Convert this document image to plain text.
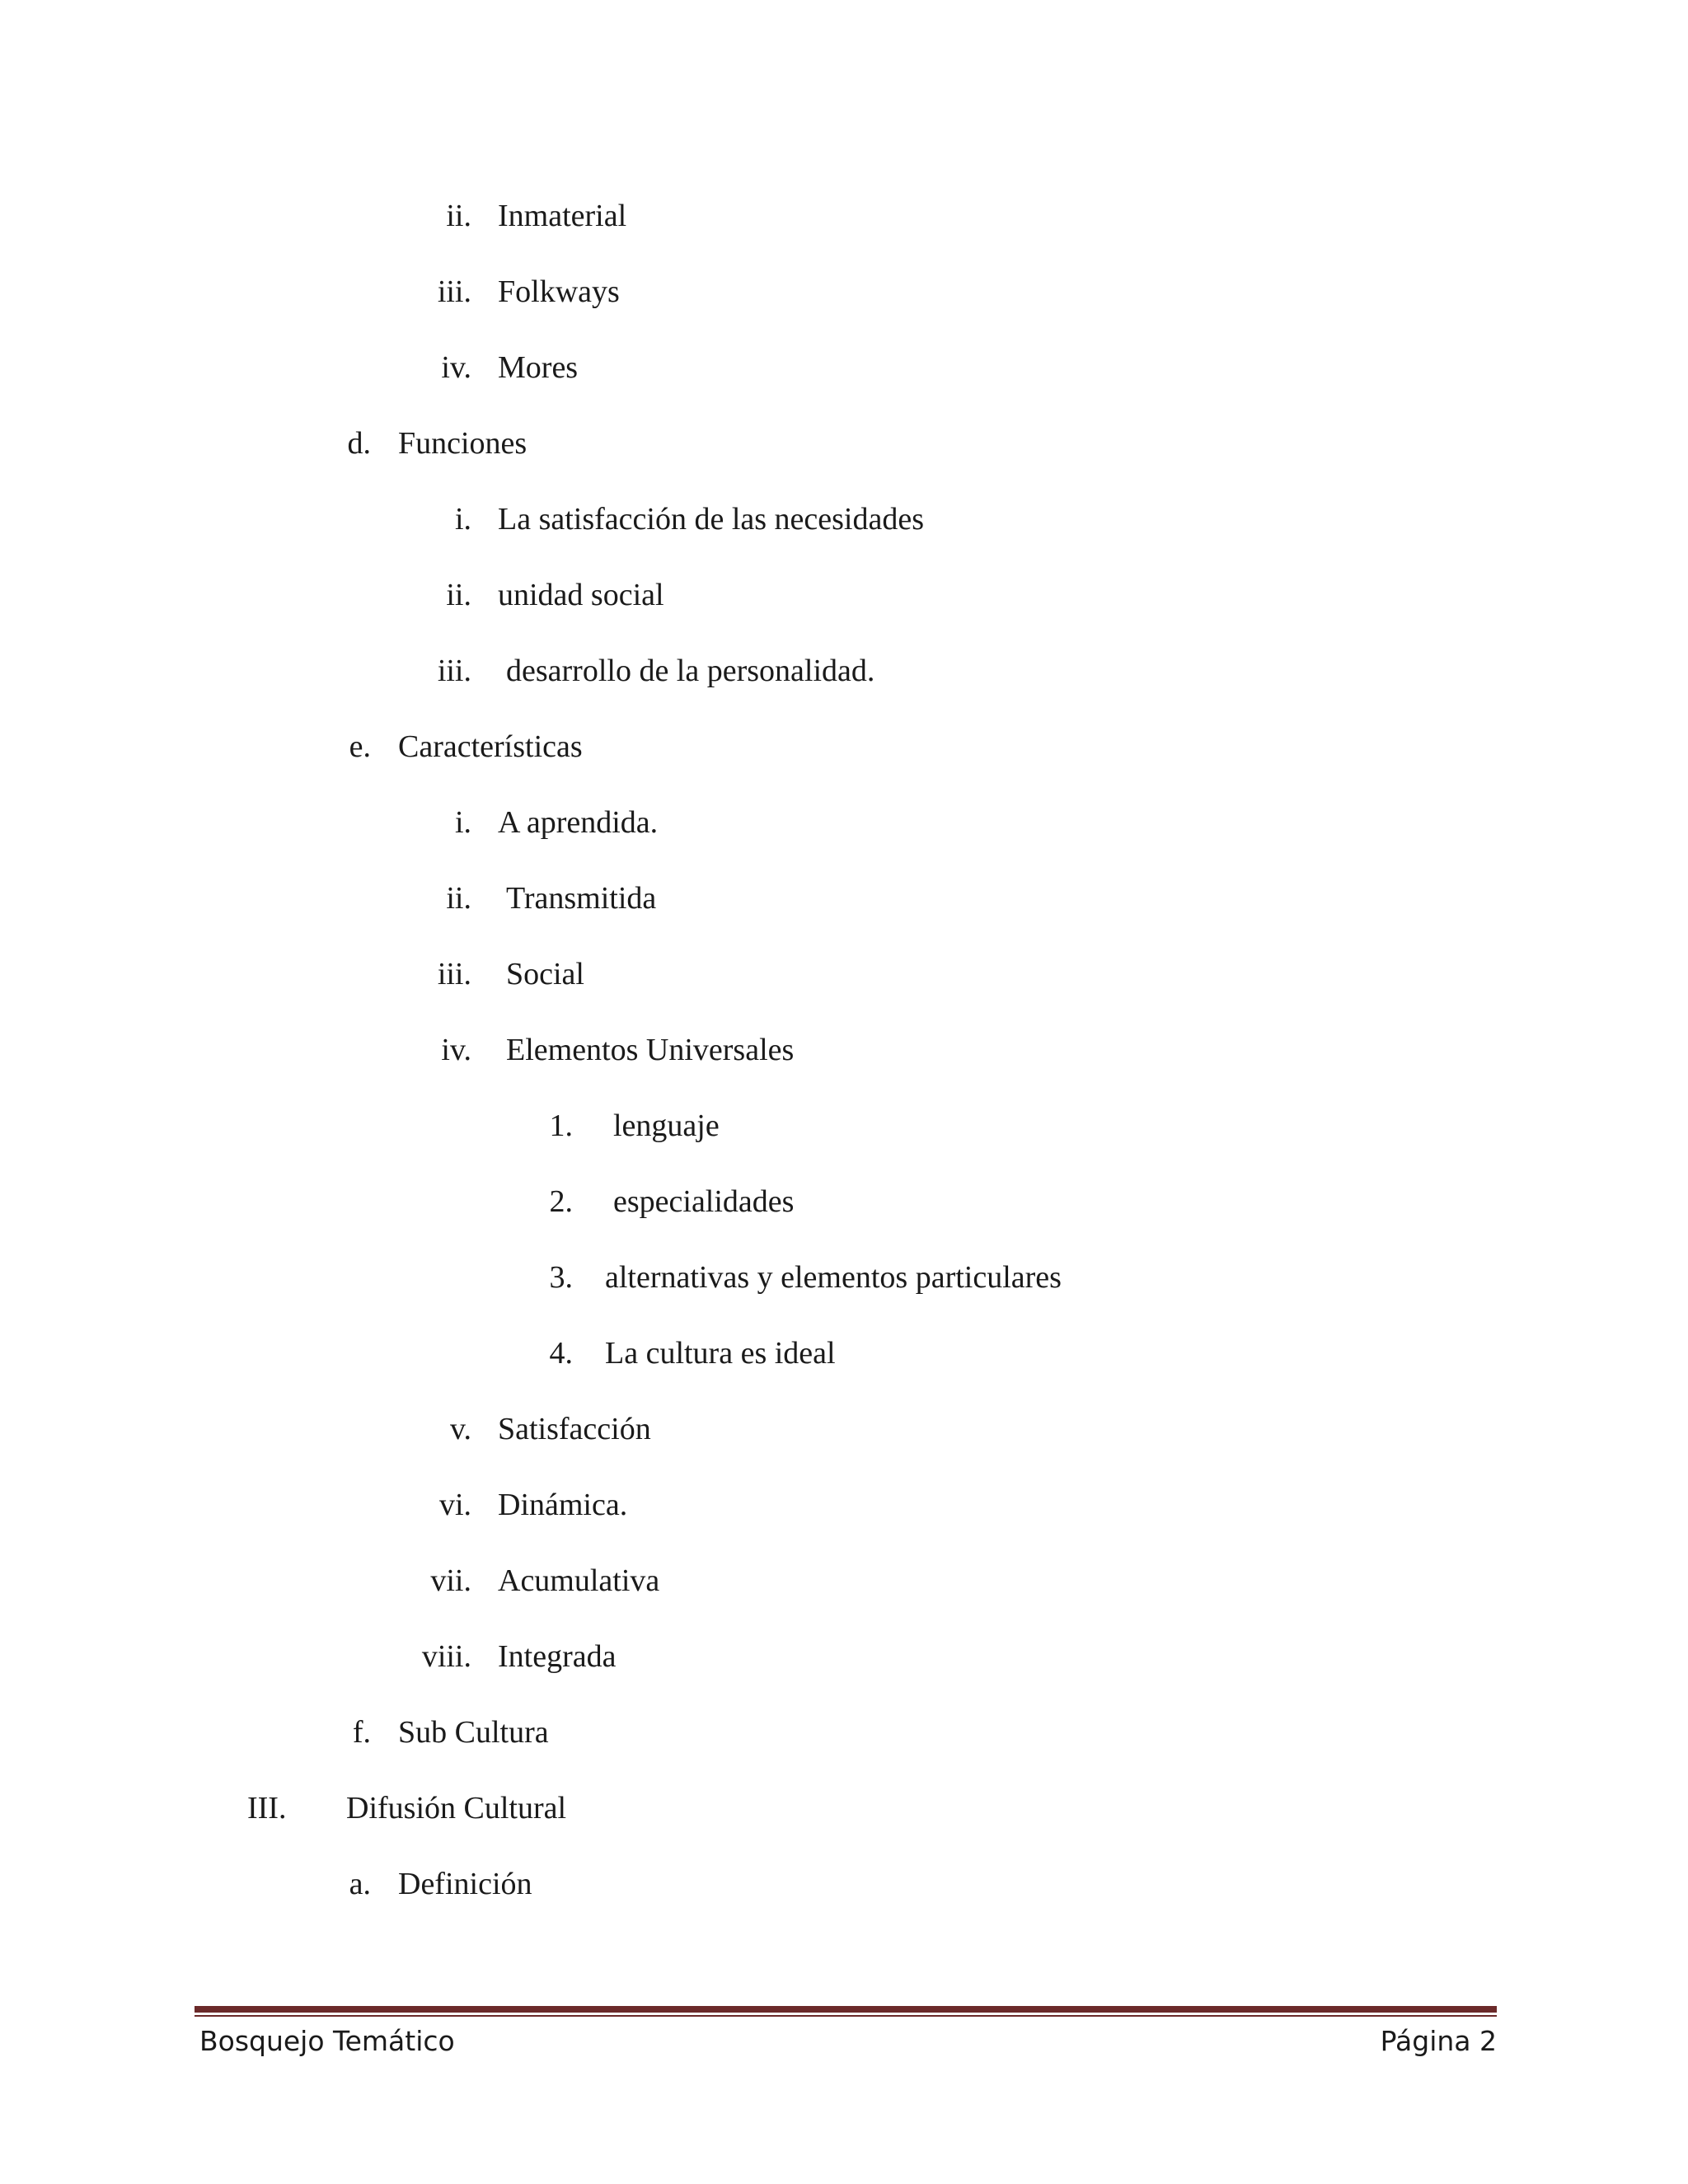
ii. Inmaterial
iii. Folkways
iv. Mores
d. Funciones
i. La satisfacción de las necesidades
ii. unidad social
iii. desarrollo de la personalidad.
e. Características
i. A aprendida.
ii. Transmitida
iii. Social
iv. Elementos Universales
1. lenguaje
2. especialidades
3. alternativas y elementos particulares
4. La cultura es ideal
v. Satisfacción
vi. Dinámica.
vii. Acumulativa
viii. Integrada
f. Sub Cultura
III.	Difusión Cultural
a. Definición
Bosquejo Temático	Página 2
